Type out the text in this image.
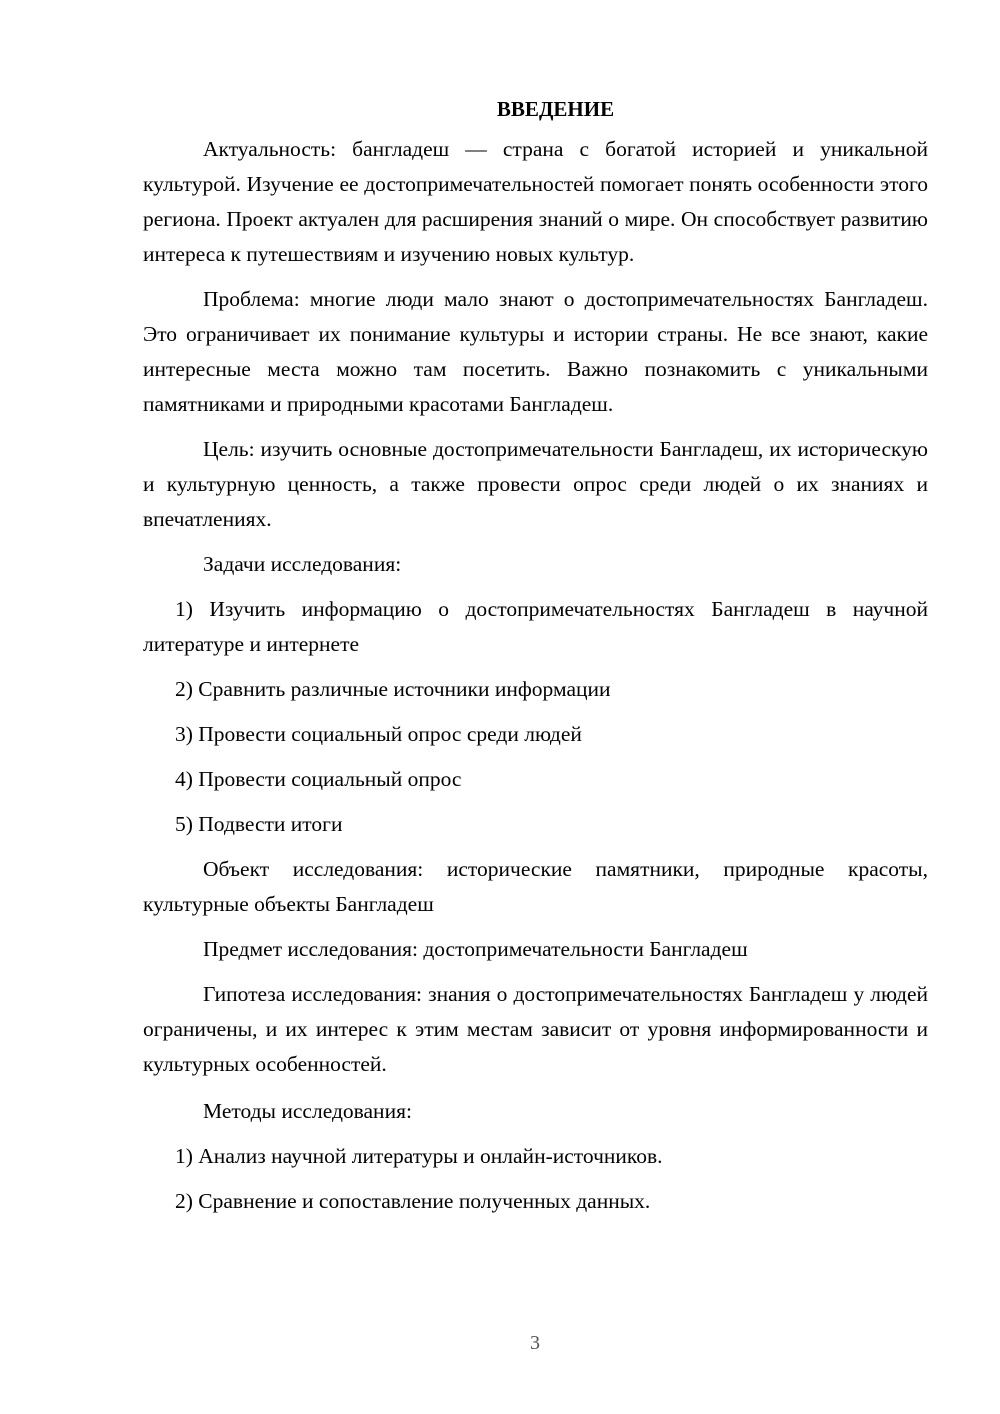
ВВЕДЕНИЕ

Актуальность: бангладеш — страна с богатой историей и уникальной культурой. Изучение ее достопримечательностей помогает понять особенности этого региона. Проект актуален для расширения знаний о мире. Он способствует развитию интереса к путешествиям и изучению новых культур.

Проблема: многие люди мало знают о достопримечательностях Бангладеш. Это ограничивает их понимание культуры и истории страны. Не все знают, какие интересные места можно там посетить. Важно познакомить с уникальными памятниками и природными красотами Бангладеш.

Цель: изучить основные достопримечательности Бангладеш, их историческую и культурную ценность, а также провести опрос среди людей о их знаниях и впечатлениях.

Задачи исследования:

1) Изучить информацию о достопримечательностях Бангладеш в научной литературе и интернете

2) Сравнить различные источники информации

3) Провести социальный опрос среди людей

4) Провести социальный опрос

5) Подвести итоги

Объект исследования: исторические памятники, природные красоты, культурные объекты Бангладеш

Предмет исследования: достопримечательности Бангладеш

Гипотеза исследования: знания о достопримечательностях Бангладеш у людей ограничены, и их интерес к этим местам зависит от уровня информированности и культурных особенностей.

Методы исследования:

1) Анализ научной литературы и онлайн-источников.

2) Сравнение и сопоставление полученных данных.

3
